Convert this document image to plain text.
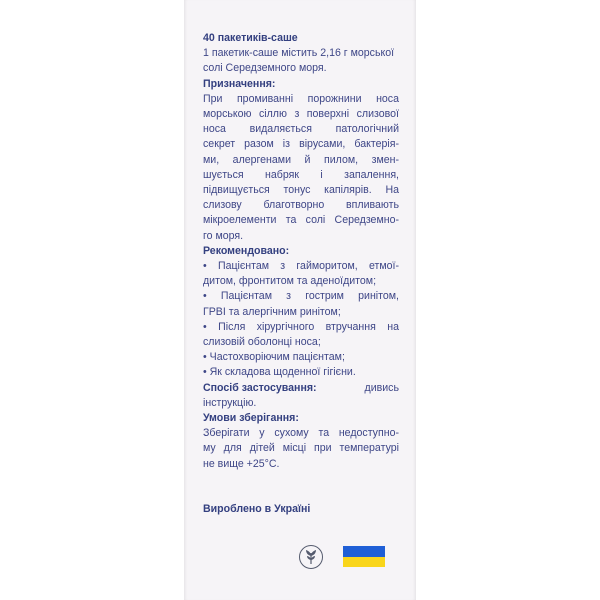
40 пакетиків-саше

1 пакетик-саше містить 2,16 г морської

солі Середземного моря.

Призначення:

При промиванні порожнини носа

морською сіллю з поверхні слизової

носа видаляється патологічний

секрет разом із вірусами, бактерія-

ми, алергенами й пилом, змен-

шується набряк і запалення,

підвищується тонус капілярів. На

слизову благотворно впливають

мікроелементи та солі Середземно-

го моря.

Рекомендовано:

• Пацієнтам з гайморитом, етмої-

дитом, фронтитом та аденоїдитом;

• Пацієнтам з гострим ринітом,

ГРВІ та алергічним ринітом;

• Після хірургічного втручання на

слизовій оболонці носа;

• Частохворіючим пацієнтам;

• Як складова щоденної гігієни.

Спосіб застосування:	дивись

інструкцію.

Умови зберігання:

Зберігати у сухому та недоступно-

му для дітей місці при температурі

не вище +25°С.

Вироблено в Україні
